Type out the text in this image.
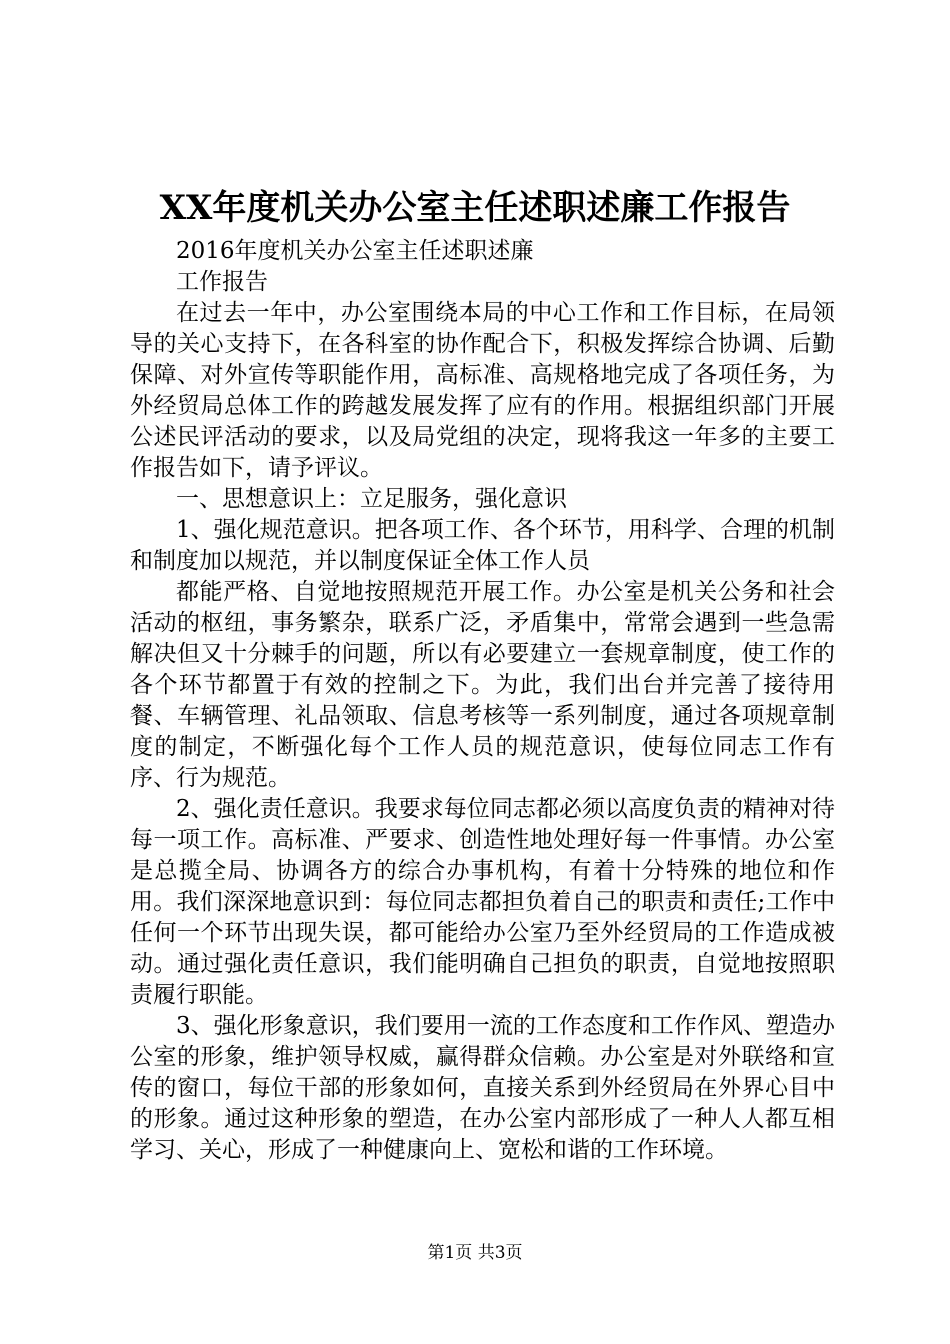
XX年度机关办公室主任述职述廉工作报告

2016年度机关办公室主任述职述廉

工作报告

在过去一年中，办公室围绕本局的中心工作和工作目标，在局领导的关心支持下，在各科室的协作配合下，积极发挥综合协调、后勤保障、对外宣传等职能作用，高标准、高规格地完成了各项任务，为外经贸局总体工作的跨越发展发挥了应有的作用。根据组织部门开展公述民评活动的要求，以及局党组的决定，现将我这一年多的主要工作报告如下，请予评议。

一、思想意识上：立足服务，强化意识

1、强化规范意识。把各项工作、各个环节，用科学、合理的机制和制度加以规范，并以制度保证全体工作人员

都能严格、自觉地按照规范开展工作。办公室是机关公务和社会活动的枢纽，事务繁杂，联系广泛，矛盾集中，常常会遇到一些急需解决但又十分棘手的问题，所以有必要建立一套规章制度，使工作的各个环节都置于有效的控制之下。为此，我们出台并完善了接待用餐、车辆管理、礼品领取、信息考核等一系列制度，通过各项规章制度的制定，不断强化每个工作人员的规范意识，使每位同志工作有序、行为规范。

2、强化责任意识。我要求每位同志都必须以高度负责的精神对待每一项工作。高标准、严要求、创造性地处理好每一件事情。办公室是总揽全局、协调各方的综合办事机构，有着十分特殊的地位和作用。我们深深地意识到：每位同志都担负着自己的职责和责任;工作中任何一个环节出现失误，都可能给办公室乃至外经贸局的工作造成被动。通过强化责任意识，我们能明确自己担负的职责，自觉地按照职责履行职能。

3、强化形象意识，我们要用一流的工作态度和工作作风、塑造办公室的形象，维护领导权威，赢得群众信赖。办公室是对外联络和宣传的窗口，每位干部的形象如何，直接关系到外经贸局在外界心目中的形象。通过这种形象的塑造，在办公室内部形成了一种人人都互相学习、关心，形成了一种健康向上、宽松和谐的工作环境。

第1页 共3页
